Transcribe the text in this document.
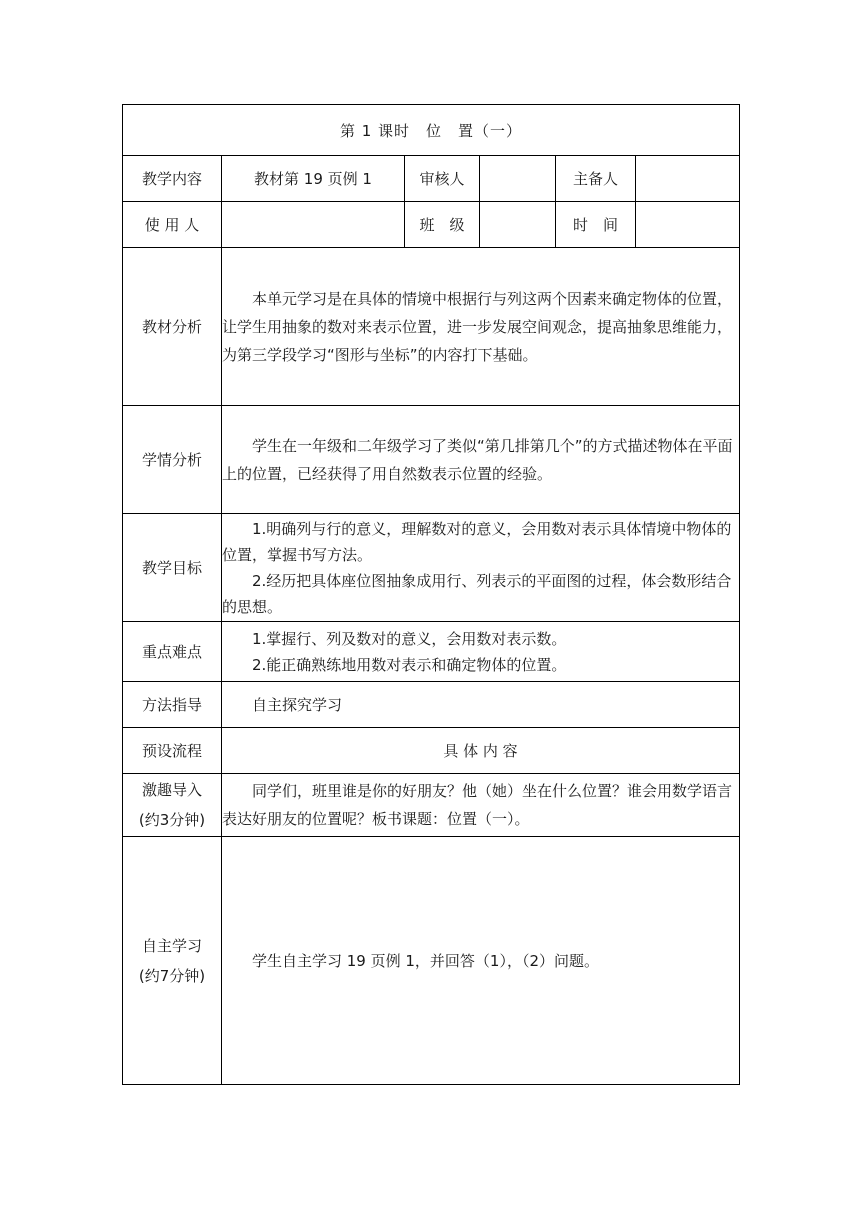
第 1 课时　位　置（一）					
教学内容	教材第 19 页例 1	审核人		主备人	
使 用 人		班　级		时　间	
教材分析	本单元学习是在具体的情境中根据行与列这两个因素来确定物体的位置，让学生用抽象的数对来表示位置，进一步发展空间观念，提高抽象思维能力，为第三学段学习“图形与坐标”的内容打下基础。				

学情分析	学生在一年级和二年级学习了类似“第几排第几个”的方式描述物体在平面上的位置，已经获得了用自然数表示位置的经验。				

教学目标	1.明确列与行的意义，理解数对的意义，会用数对表示具体情境中物体的位置，掌握书写方法。

2.经历把具体座位图抽象成用行、列表示的平面图的过程，体会数形结合的思想。				

重点难点	1.掌握行、列及数对的意义，会用数对表示数。

2.能正确熟练地用数对表示和确定物体的位置。				

方法指导	自主探究学习				

预设流程	具 体 内 容				

激趣导入
(约3分钟)	同学们，班里谁是你的好朋友？他（她）坐在什么位置？谁会用数学语言表达好朋友的位置呢？板书课题：位置（一）。				

自主学习
(约7分钟)	学生自主学习 19 页例 1，并回答（1），（2）问题。				
